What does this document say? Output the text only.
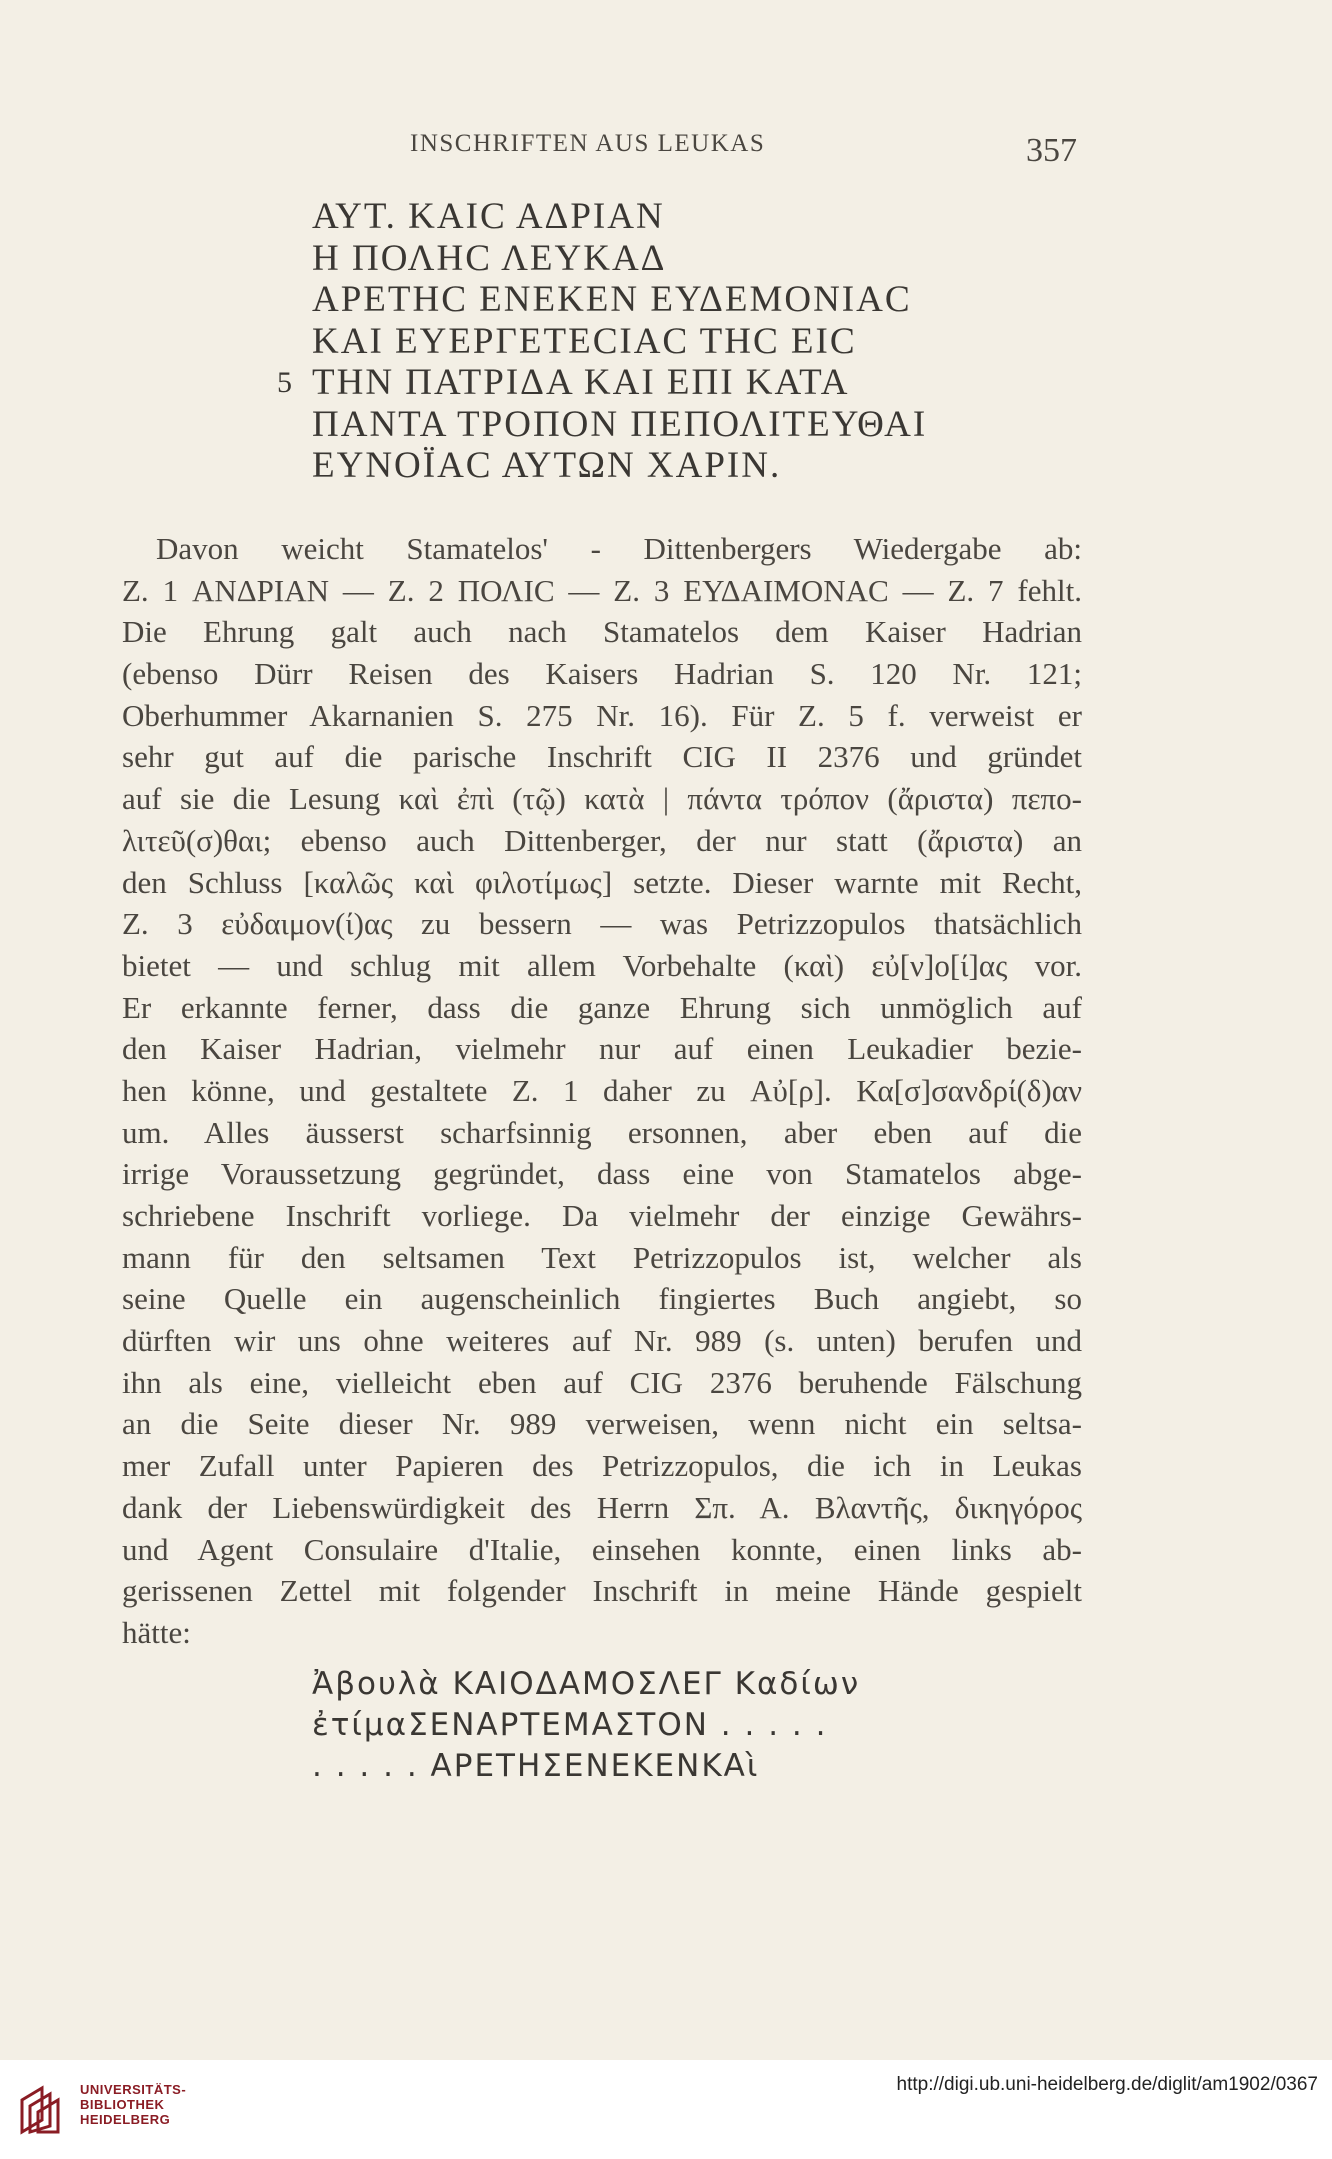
INSCHRIFTEN AUS LEUKAS	357
ΑΥΤ. ΚΑΙϹ ΑΔΡΙΑΝ
Η ΠΟΛΗϹ ΛΕΥΚΑΔ
ΑΡΕΤΗϹ ΕΝΕΚΕΝ ΕΥΔΕΜΟΝΙΑϹ
ΚΑΙ ΕΥΕΡΓΕΤΕϹΙΑϹ ΤΗϹ ΕΙϹ
5 ΤΗΝ ΠΑΤΡΙΔΑ ΚΑΙ ΕΠΙ ΚΑΤΑ
ΠΑΝΤΑ ΤΡΟΠΟΝ ΠΕΠΟΛΙΤΕΥΘΑΙ
ΕΥΝΟΪΑϹ ΑΥΤΩΝ ΧΑΡΙΝ.
Davon weicht Stamatelos' - Dittenbergers Wiedergabe ab:
Z. 1 ΑΝΔΡΙΑΝ — Z. 2 ΠΟΛΙϹ — Z. 3 ΕΥΔΑΙΜΟΝΑϹ — Z. 7 fehlt.
Die Ehrung galt auch nach Stamatelos dem Kaiser Hadrian
(ebenso Dürr Reisen des Kaisers Hadrian S. 120 Nr. 121;
Oberhummer Akarnanien S. 275 Nr. 16). Für Z. 5 f. verweist er
sehr gut auf die parische Inschrift CIG II 2376 und gründet
auf sie die Lesung καὶ ἐπὶ (τῷ) κατὰ | πάντα τρόπον (ἄριστα) πεπο-
λιτεῦ(σ)θαι; ebenso auch Dittenberger, der nur statt (ἄριστα) an
den Schluss [καλῶς καὶ φιλοτίμως] setzte. Dieser warnte mit Recht,
Z. 3 εὐδαιμον(ί)ας zu bessern — was Petrizzopulos thatsächlich
bietet — und schlug mit allem Vorbehalte (καὶ) εὐ[ν]ο[ί]ας vor.
Er erkannte ferner, dass die ganze Ehrung sich unmöglich auf
den Kaiser Hadrian, vielmehr nur auf einen Leukadier bezie-
hen könne, und gestaltete Z. 1 daher zu Αὐ[ρ]. Κα[σ]σανδρί(δ)αν
um. Alles äusserst scharfsinnig ersonnen, aber eben auf die
irrige Voraussetzung gegründet, dass eine von Stamatelos abge-
schriebene Inschrift vorliege. Da vielmehr der einzige Gewährs-
mann für den seltsamen Text Petrizzopulos ist, welcher als
seine Quelle ein augenscheinlich fingiertes Buch angiebt, so
dürften wir uns ohne weiteres auf Nr. 989 (s. unten) berufen und
ihn als eine, vielleicht eben auf CIG 2376 beruhende Fälschung
an die Seite dieser Nr. 989 verweisen, wenn nicht ein seltsa-
mer Zufall unter Papieren des Petrizzopulos, die ich in Leukas
dank der Liebenswürdigkeit des Herrn Σπ. Α. Βλαντῆς, δικηγόρος
und Agent Consulaire d'Italie, einsehen konnte, einen links ab-
gerissenen Zettel mit folgender Inschrift in meine Hände gespielt
hätte:
Ἀβουλὰ ΚΑΙΟΔΑΜΟΣΛΕΓ Καδίων
ἐτίμαΣΕΝΑΡΤΕΜΑΣΤΟΝ . . . . .
. . . . . ΑΡΕΤΗΣΕΝΕΚΕΝΚΑὶ
UNIVERSITÄTS-
BIBLIOTHEK
HEIDELBERG
http://digi.ub.uni-heidelberg.de/diglit/am1902/0367
